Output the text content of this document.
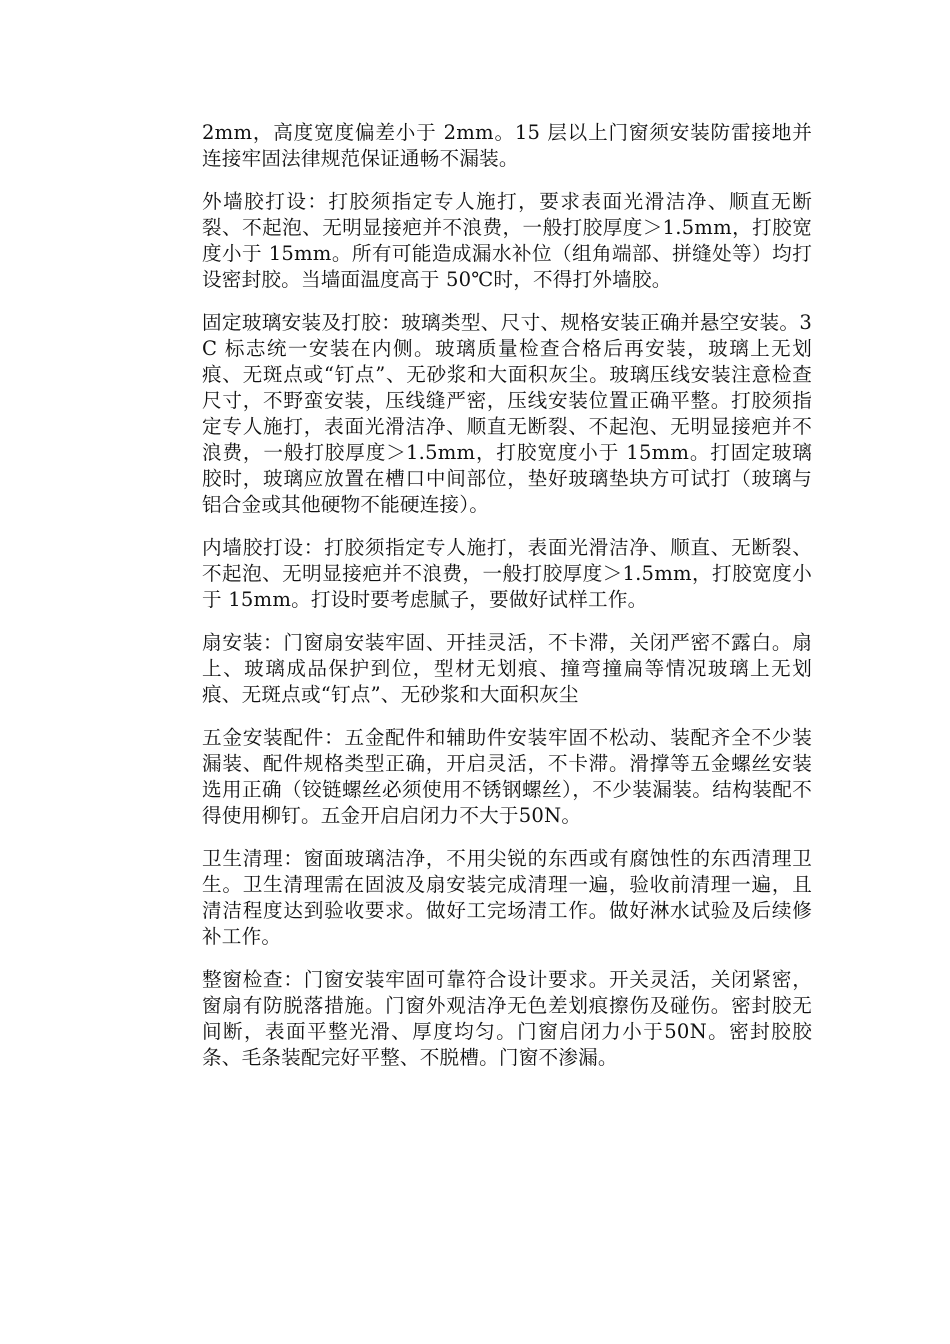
2mm，高度宽度偏差小于 2mm。15 层以上门窗须安装防雷接地并连接牢固法律规范保证通畅不漏装。

外墙胶打设：打胶须指定专人施打，要求表面光滑洁净、顺直无断裂、不起泡、无明显接疤并不浪费，一般打胶厚度＞1.5mm，打胶宽度小于 15mm。所有可能造成漏水补位（组角端部、拼缝处等）均打设密封胶。当墙面温度高于 50℃时，不得打外墙胶。

固定玻璃安装及打胶：玻璃类型、尺寸、规格安装正确并悬空安装。3C 标志统一安装在内侧。玻璃质量检查合格后再安装，玻璃上无划痕、无斑点或“钉点”、无砂浆和大面积灰尘。玻璃压线安装注意检查尺寸，不野蛮安装，压线缝严密，压线安装位置正确平整。打胶须指定专人施打，表面光滑洁净、顺直无断裂、不起泡、无明显接疤并不浪费，一般打胶厚度＞1.5mm，打胶宽度小于 15mm。打固定玻璃胶时，玻璃应放置在槽口中间部位，垫好玻璃垫块方可试打（玻璃与铝合金或其他硬物不能硬连接）。

内墙胶打设：打胶须指定专人施打，表面光滑洁净、顺直、无断裂、不起泡、无明显接疤并不浪费，一般打胶厚度＞1.5mm，打胶宽度小于 15mm。打设时要考虑腻子，要做好试样工作。

扇安装：门窗扇安装牢固、开挂灵活，不卡滞，关闭严密不露白。扇上、玻璃成品保护到位，型材无划痕、撞弯撞扁等情况玻璃上无划痕、无斑点或“钉点”、无砂浆和大面积灰尘

五金安装配件：五金配件和辅助件安装牢固不松动、装配齐全不少装漏装、配件规格类型正确，开启灵活，不卡滞。滑撑等五金螺丝安装选用正确（铰链螺丝必须使用不锈钢螺丝），不少装漏装。结构装配不得使用柳钉。五金开启启闭力不大于50N。

卫生清理：窗面玻璃洁净，不用尖锐的东西或有腐蚀性的东西清理卫生。卫生清理需在固波及扇安装完成清理一遍，验收前清理一遍，且清洁程度达到验收要求。做好工完场清工作。做好淋水试验及后续修补工作。

整窗检查：门窗安装牢固可靠符合设计要求。开关灵活，关闭紧密，窗扇有防脱落措施。门窗外观洁净无色差划痕擦伤及碰伤。密封胶无间断，表面平整光滑、厚度均匀。门窗启闭力小于50N。密封胶胶条、毛条装配完好平整、不脱槽。门窗不渗漏。
